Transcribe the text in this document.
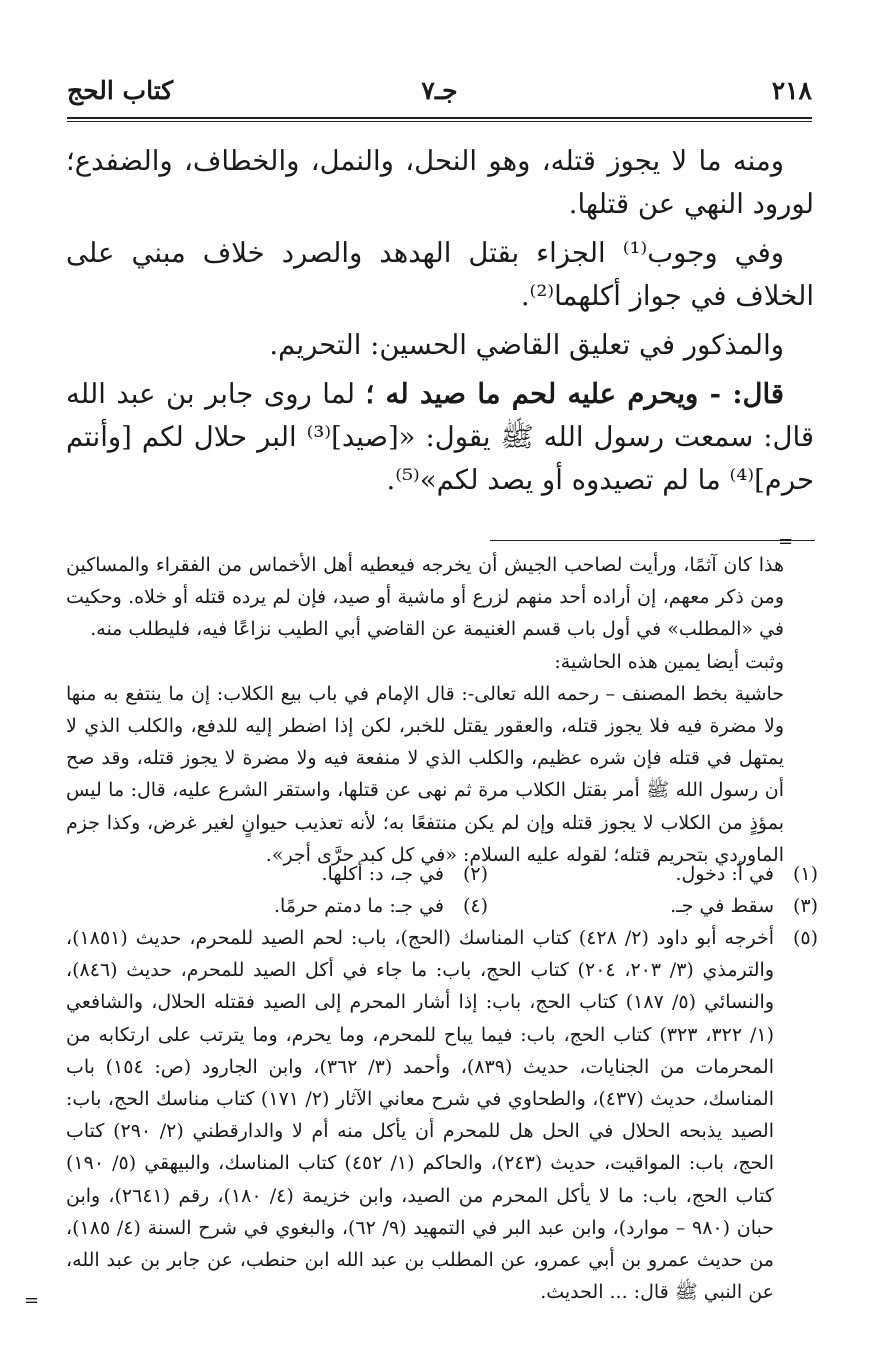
٢١٨
جـ٧
كتاب الحج

ومنه ما لا يجوز قتله، وهو النحل، والنمل، والخطاف، والضفدع؛ لورود النهي عن قتلها.

وفي وجوب⁽¹⁾ الجزاء بقتل الهدهد والصرد خلاف مبني على الخلاف في جواز أكلهما⁽²⁾.

والمذكور في تعليق القاضي الحسين: التحريم.

قال: - ويحرم عليه لحم ما صيد له ؛ لما روى جابر بن عبد الله قال: سمعت رسول الله ﷺ يقول: «[صيد]⁽³⁾ البر حلال لكم [وأنتم حرم]⁽⁴⁾ ما لم تصيدوه أو يصد لكم»⁽⁵⁾.

=

هذا كان آثمًا، ورأيت لصاحب الجيش أن يخرجه فيعطيه أهل الأخماس من الفقراء والمساكين ومن ذكر معهم، إن أراده أحد منهم لزرع أو ماشية أو صيد، فإن لم يرده قتله أو خلاه. وحكيت في «المطلب» في أول باب قسم الغنيمة عن القاضي أبي الطيب نزاعًا فيه، فليطلب منه.

وثبت أيضا يمين هذه الحاشية:

حاشية بخط المصنف – رحمه الله تعالى-: قال الإمام في باب بيع الكلاب: إن ما ينتفع به منها ولا مضرة فيه فلا يجوز قتله، والعقور يقتل للخبر، لكن إذا اضطر إليه للدفع، والكلب الذي لا يمتهل في قتله فإن شره عظيم، والكلب الذي لا منفعة فيه ولا مضرة لا يجوز قتله، وقد صح أن رسول الله ﷺ أمر بقتل الكلاب مرة ثم نهى عن قتلها، واستقر الشرع عليه، قال: ما ليس بمؤذٍ من الكلاب لا يجوز قتله وإن لم يكن منتفعًا به؛ لأنه تعذيب حيوانٍ لغير غرض، وكذا جزم الماوردي بتحريم قتله؛ لقوله عليه السلام: «في كل كبد حرَّى أجر».

(١)
في أ: دخول.
(٢)
في جـ، د: أكلها.
(٣)
سقط في جـ.
(٤)
في جـ: ما دمتم حرمًا.
(٥)
أخرجه أبو داود (٢/ ٤٢٨) كتاب المناسك (الحج)، باب: لحم الصيد للمحرم، حديث (١٨٥١)، والترمذي (٣/ ٢٠٣، ٢٠٤) كتاب الحج، باب: ما جاء في أكل الصيد للمحرم، حديث (٨٤٦)، والنسائي (٥/ ١٨٧) كتاب الحج، باب: إذا أشار المحرم إلى الصيد فقتله الحلال، والشافعي (١/ ٣٢٢، ٣٢٣) كتاب الحج، باب: فيما يباح للمحرم، وما يحرم، وما يترتب على ارتكابه من المحرمات من الجنايات، حديث (٨٣٩)، وأحمد (٣/ ٣٦٢)، وابن الجارود (ص: ١٥٤) باب المناسك، حديث (٤٣٧)، والطحاوي في شرح معاني الآثار (٢/ ١٧١) كتاب مناسك الحج، باب: الصيد يذبحه الحلال في الحل هل للمحرم أن يأكل منه أم لا والدارقطني (٢/ ٢٩٠) كتاب الحج، باب: المواقيت، حديث (٢٤٣)، والحاكم (١/ ٤٥٢) كتاب المناسك، والبيهقي (٥/ ١٩٠) كتاب الحج، باب: ما لا يأكل المحرم من الصيد، وابن خزيمة (٤/ ١٨٠)، رقم (٢٦٤١)، وابن حبان (٩٨٠ – موارد)، وابن عبد البر في التمهيد (٩/ ٦٢)، والبغوي في شرح السنة (٤/ ١٨٥)، من حديث عمرو بن أبي عمرو، عن المطلب بن عبد الله ابن حنطب، عن جابر بن عبد الله، عن النبي ﷺ قال: ... الحديث.
=
